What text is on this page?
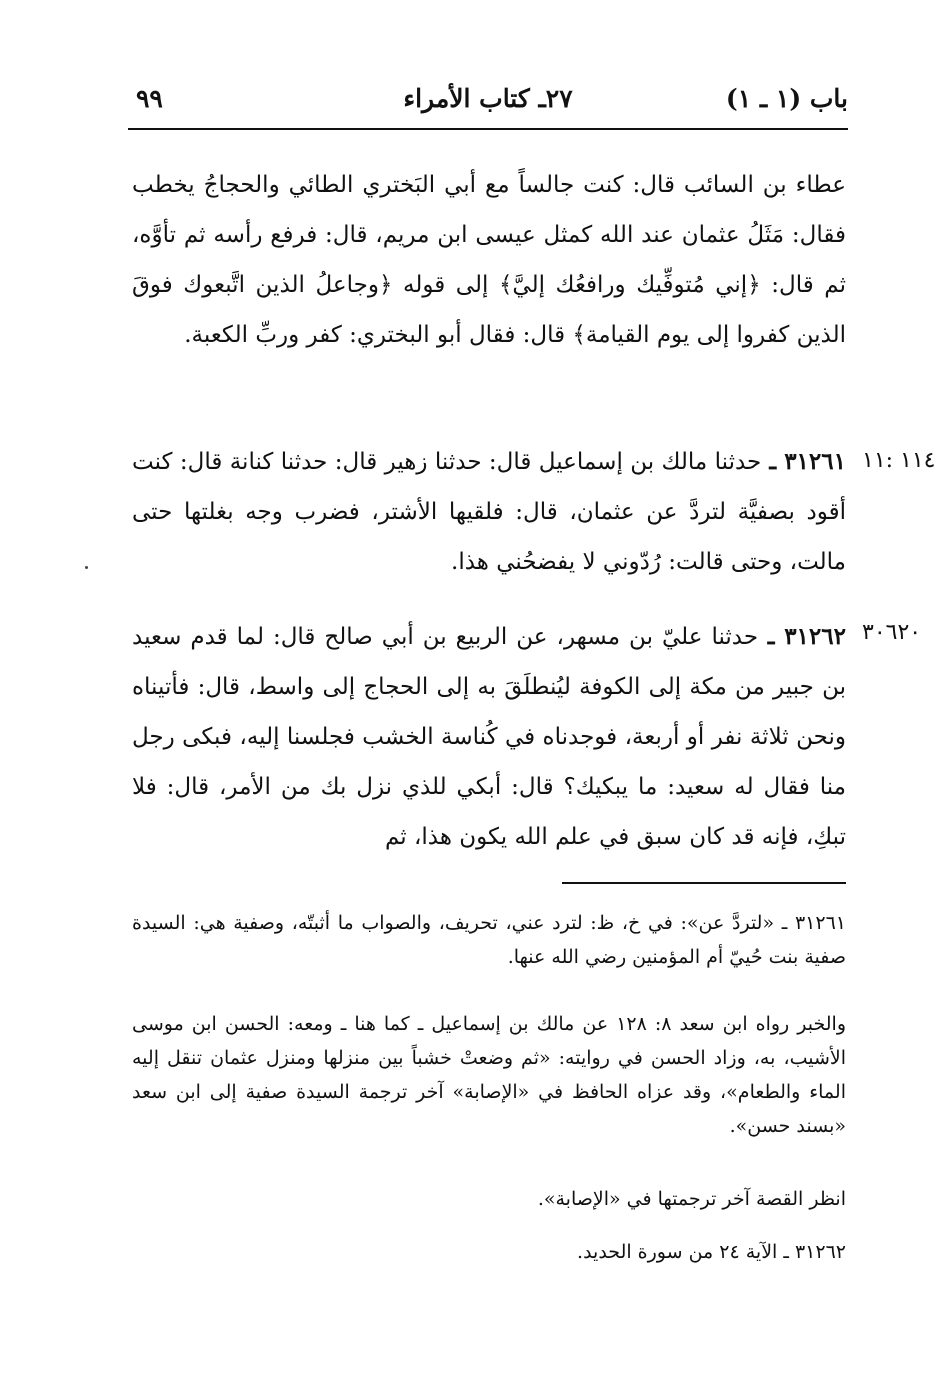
باب (١ ـ ١)
٢٧ـ كتاب الأمراء
٩٩
عطاء بن السائب قال: كنت جالساً مع أبي البَختري الطائي والحجاجُ يخطب فقال: مَثَلُ عثمان عند الله كمثل عيسى ابن مريم، قال: فرفع رأسه ثم تأوَّه، ثم قال: ﴿إني مُتوفِّيك ورافعُك إليَّ﴾ إلى قوله ﴿وجاعلُ الذين اتَّبعوك فوقَ الذين كفروا إلى يوم القيامة﴾ قال: فقال أبو البختري: كفر وربِّ الكعبة.
١١٤ :١١
٣١٢٦١ ـ حدثنا مالك بن إسماعيل قال: حدثنا زهير قال: حدثنا كنانة قال: كنت أقود بصفيَّة لتردَّ عن عثمان، قال: فلقيها الأشتر، فضرب وجه بغلتها حتى مالت، وحتى قالت: رُدّوني لا يفضحُني هذا.
٣٠٦٢٠
٣١٢٦٢ ـ حدثنا عليّ بن مسهر، عن الربيع بن أبي صالح قال: لما قدم سعيد بن جبير من مكة إلى الكوفة ليُنطلَقَ به إلى الحجاج إلى واسط، قال: فأتيناه ونحن ثلاثة نفر أو أربعة، فوجدناه في كُناسة الخشب فجلسنا إليه، فبكى رجل منا فقال له سعيد: ما يبكيك؟ قال: أبكي للذي نزل بك من الأمر، قال: فلا تبكِ، فإنه قد كان سبق في علم الله يكون هذا، ثم
٣١٢٦١ ـ «لتردَّ عن»: في خ، ظ: لترد عني، تحريف، والصواب ما أثبتّه، وصفية هي: السيدة صفية بنت حُييّ أم المؤمنين رضي الله عنها.
والخبر رواه ابن سعد ٨: ١٢٨ عن مالك بن إسماعيل ـ كما هنا ـ ومعه: الحسن ابن موسى الأشيب، به، وزاد الحسن في روايته: «ثم وضعتْ خشباً بين منزلها ومنزل عثمان تنقل إليه الماء والطعام»، وقد عزاه الحافظ في «الإصابة» آخر ترجمة السيدة صفية إلى ابن سعد «بسند حسن».
انظر القصة آخر ترجمتها في «الإصابة».
٣١٢٦٢ ـ الآية ٢٤ من سورة الحديد.
